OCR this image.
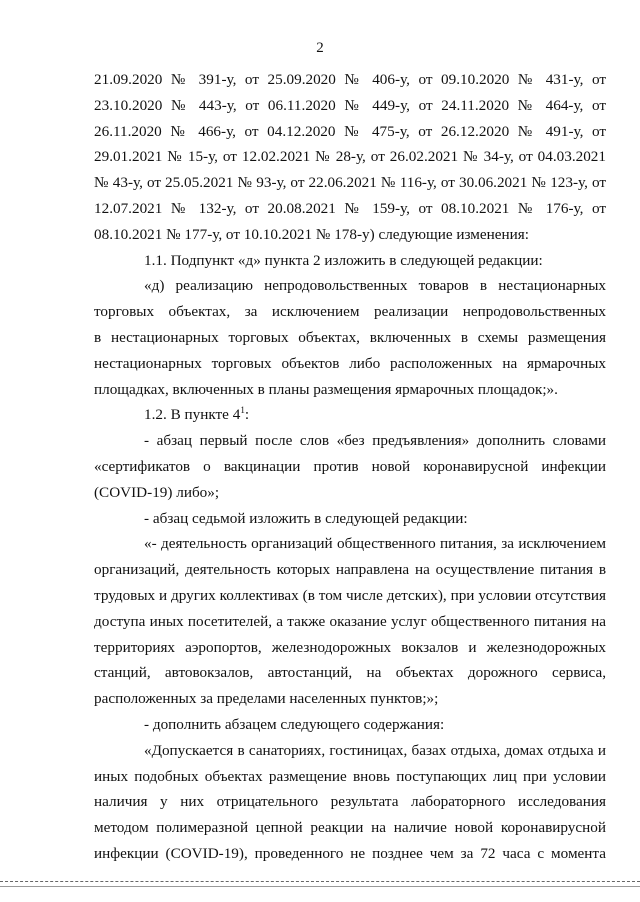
2
21.09.2020 № 391-у, от 25.09.2020 № 406-у, от 09.10.2020 № 431-у, от
23.10.2020 № 443-у, от 06.11.2020 № 449-у, от 24.11.2020 № 464-у, от
26.11.2020 № 466-у, от 04.12.2020 № 475-у, от 26.12.2020 № 491-у, от
29.01.2021 № 15-у, от 12.02.2021 № 28-у, от 26.02.2021 № 34-у, от 04.03.2021
№ 43-у, от 25.05.2021 № 93-у, от 22.06.2021 № 116-у, от 30.06.2021 № 123-у, от
12.07.2021 № 132-у, от 20.08.2021 № 159-у, от 08.10.2021 № 176-у, от
08.10.2021 № 177-у, от 10.10.2021 № 178-у) следующие изменения:
1.1. Подпункт «д» пункта 2 изложить в следующей редакции:
«д) реализацию непродовольственных товаров в нестационарных
торговых объектах, за исключением реализации непродовольственных
в нестационарных торговых объектах, включенных в схемы размещения
нестационарных торговых объектов либо расположенных на ярмарочных
площадках, включенных в планы размещения ярмарочных площадок;».
1.2. В пункте $4^1$:
- абзац первый после слов «без предъявления» дополнить словами
«сертификатов о вакцинации против новой коронавирусной инфекции
(COVID-19) либо»;
- абзац седьмой изложить в следующей редакции:
«- деятельность организаций общественного питания, за исключением
организаций, деятельность которых направлена на осуществление питания в
трудовых и других коллективах (в том числе детских), при условии отсутствия
доступа иных посетителей, а также оказание услуг общественного питания на
территориях аэропортов, железнодорожных вокзалов и железнодорожных
станций, автовокзалов, автостанций, на объектах дорожного сервиса,
расположенных за пределами населенных пунктов;»;
- дополнить абзацем следующего содержания:
«Допускается в санаториях, гостиницах, базах отдыха, домах отдыха и
иных подобных объектах размещение вновь поступающих лиц при условии
наличия у них отрицательного результата лабораторного исследования
методом полимеразной цепной реакции на наличие новой коронавирусной
инфекции (COVID-19), проведенного не позднее чем за 72 часа с момента
